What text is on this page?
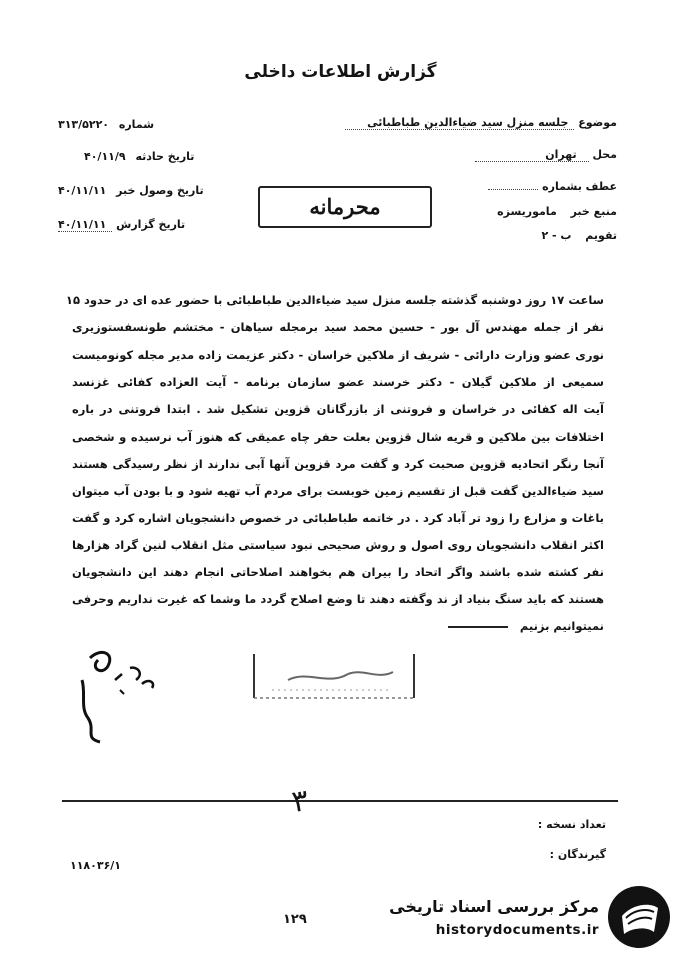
گزارش اطلاعات داخلی
موضوع جلسه منزل سید ضیاءالدین طباطبائی
محل تهران
عطف بشماره
منبع خبر ماموریسزه
تقویم ب - ۲
شماره ۳۱۳/۵۲۲۰
تاریخ حادثه ۴۰/۱۱/۹
تاریخ وصول خبر ۴۰/۱۱/۱۱
تاریخ گزارش ۴۰/۱۱/۱۱
محرمانه
ساعت ۱۷ روز دوشنبه گذشته جلسه منزل سید ضیاءالدین طباطبائی با حضور عده ای در حدود ۱۵
نفر از جمله مهندس آل بور - حسین محمد سید برمجله سیاهان - مختشم طونسفستوزیری
نوری عضو وزارت دارائی - شریف از ملاکین خراسان - دکتر عزیمت زاده مدیر مجله کونومیست
سمیعی از ملاکین گیلان - دکتر خرسند عضو سازمان برنامه - آیت العزاده کفائی غزنسد
آیت اله کفائی در خراسان و فروتنی از بازرگانان قزوین تشکیل شد . ابتدا فروتنی در باره
اختلافات بین ملاکین و قریه شال قزوین بعلت حفر چاه عمیقی که هنوز آب نرسیده و شخصی
آنجا رنگر اتحادیه قزوین صحبت کرد و گفت مرد قزوین آنها آبی ندارند از نظر رسیدگی هستند
سید ضیاءالدین گفت قبل از تقسیم زمین خوبست برای مردم آب تهیه شود و با بودن آب میتوان
باغات و مزارع را زود تر آباد کرد . در خاتمه طباطبائی در خصوص دانشجویان اشاره کرد و گفت
اکثر انقلاب دانشجویان روی اصول و روش صحیحی نبود سیاستی مثل انقلاب لنین گراد هزارها
نفر کشته شده باشند واگر اتحاد را بیران هم بخواهند اصلاحاتی انجام دهند این دانشجویان
هستند که باید سنگ بنیاد از ند وگفته دهند تا وضع اصلاح گردد ما وشما که غیرت نداریم وحرفی
نمیتوانیم بزنیم
۳
تعداد نسخه :
گیرندگان :
۱۱۸۰۳۶/۱
۱۲۹
مرکز بررسی اسناد تاریخی
historydocuments.ir
